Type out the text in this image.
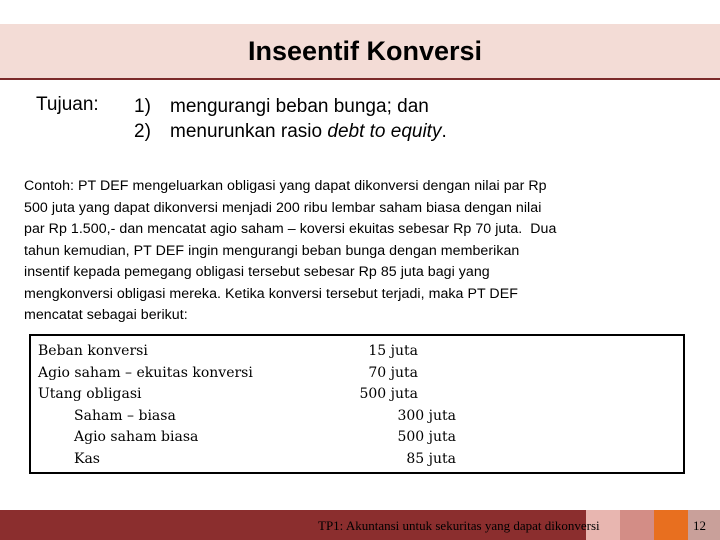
Inseentif Konversi
Tujuan: 1)	mengurangi beban bunga; dan
2)	menurunkan rasio debt to equity.
Contoh: PT DEF mengeluarkan obligasi yang dapat dikonversi dengan nilai par Rp
500 juta yang dapat dikonversi menjadi 200 ribu lembar saham biasa dengan nilai
par Rp 1.500,- dan mencatat agio saham – koversi ekuitas sebesar Rp 70 juta.  Dua
tahun kemudian, PT DEF ingin mengurangi beban bunga dengan memberikan
insentif kepada pemegang obligasi tersebut sebesar Rp 85 juta bagi yang
mengkonversi obligasi mereka. Ketika konversi tersebut terjadi, maka PT DEF
mencatat sebagai berikut:
Beban konversi	15 juta
Agio saham – ekuitas konversi	70 juta
Utang obligasi	500 juta
Saham – biasa	300 juta
Agio saham biasa	500 juta
Kas	85 juta
TP1: Akuntansi untuk sekuritas yang dapat dikonversi	12
